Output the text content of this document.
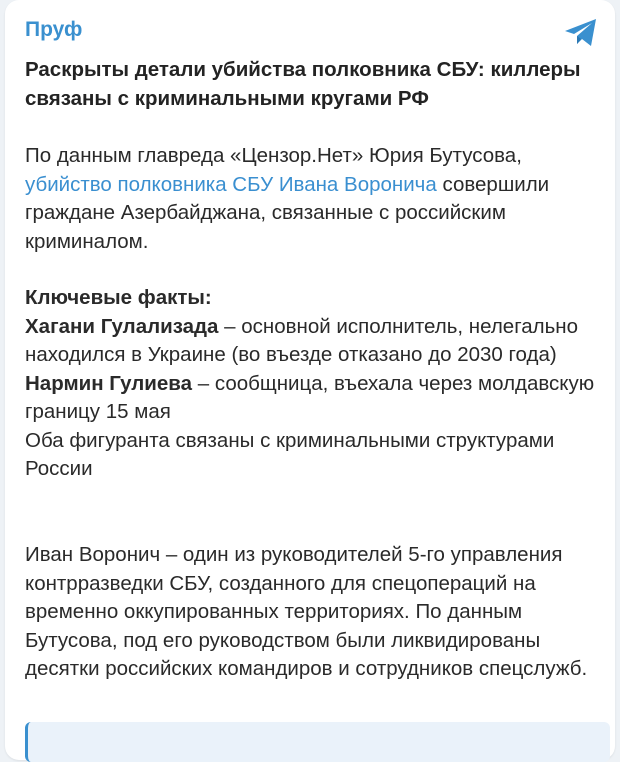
Пруф
Раскрыты детали убийства полковника СБУ: киллеры связаны с криминальными кругами РФ
По данным главреда «Цензор.Нет» Юрия Бутусова, убийство полковника СБУ Ивана Воронича совершили граждане Азербайджана, связанные с российским криминалом.
Ключевые факты:
Хагани Гулализада – основной исполнитель, нелегально находился в Украине (во въезде отказано до 2030 года)
Нармин Гулиева – сообщница, въехала через молдавскую границу 15 мая
Оба фигуранта связаны с криминальными структурами России
Иван Воронич – один из руководителей 5-го управления контрразведки СБУ, созданного для спецопераций на временно оккупированных территориях. По данным Бутусова, под его руководством были ликвидированы десятки российских командиров и сотрудников спецслужб.
